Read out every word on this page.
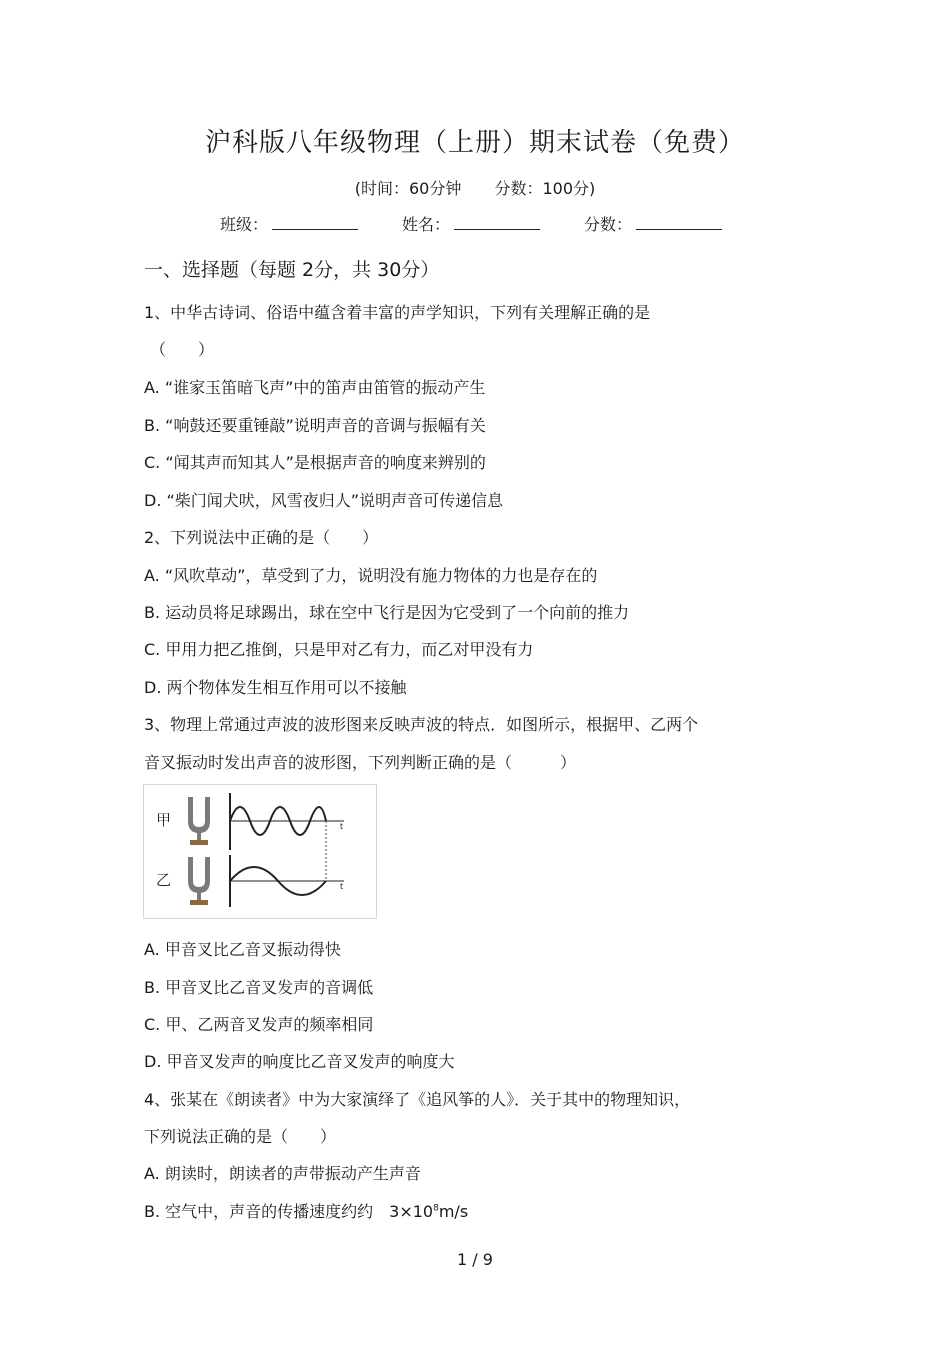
沪科版八年级物理（上册）期末试卷（免费）
(时间：60分钟 分数：100分)
班级：	姓名：	分数：
一、选择题（每题 2分，共 30分）
1、中华古诗词、俗语中蕴含着丰富的声学知识，下列有关理解正确的是
（　　）
A. “谁家玉笛暗飞声”中的笛声由笛管的振动产生
B. “响鼓还要重锤敲”说明声音的音调与振幅有关
C. “闻其声而知其人”是根据声音的响度来辨别的
D. “柴门闻犬吠，风雪夜归人”说明声音可传递信息
2、下列说法中正确的是（　　）
A. “风吹草动”，草受到了力，说明没有施力物体的力也是存在的
B. 运动员将足球踢出，球在空中飞行是因为它受到了一个向前的推力
C. 甲用力把乙推倒，只是甲对乙有力，而乙对甲没有力
D. 两个物体发生相互作用可以不接触
3、物理上常通过声波的波形图来反映声波的特点．如图所示，根据甲、乙两个
音叉振动时发出声音的波形图，下列判断正确的是（　　　）
甲
乙
t
t
A. 甲音叉比乙音叉振动得快
B. 甲音叉比乙音叉发声的音调低
C. 甲、乙两音叉发声的频率相同
D. 甲音叉发声的响度比乙音叉发声的响度大
4、张某在《朗读者》中为大家演绎了《追风筝的人》．关于其中的物理知识，
下列说法正确的是（　　）
A. 朗读时，朗读者的声带振动产生声音
B. 空气中，声音的传播速度约约　$3\times 10^8m/s$
1 / 9
